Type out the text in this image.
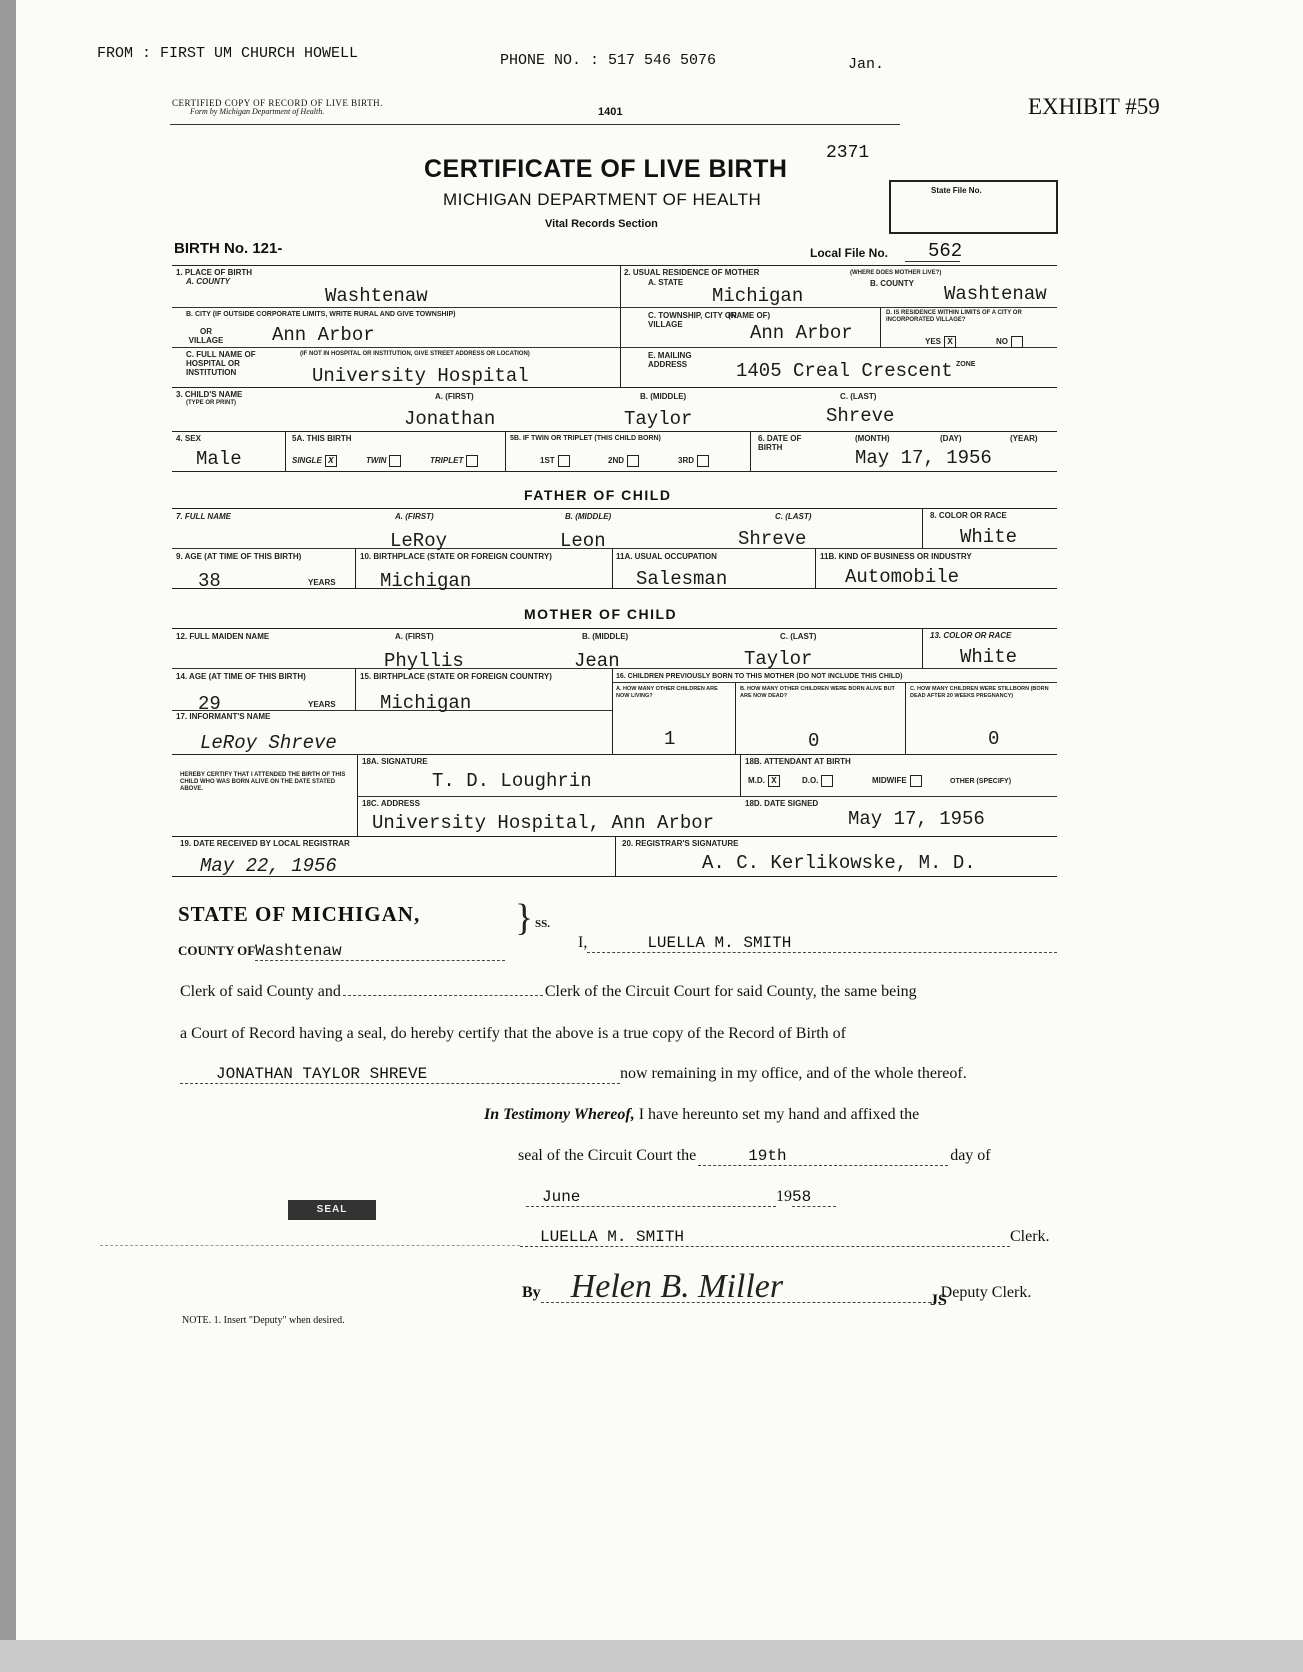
FROM : FIRST UM CHURCH HOWELL	PHONE NO. : 517 546 5076	Jan.
EXHIBIT #59
CERTIFIED COPY OF RECORD OF LIVE BIRTH.
Form by Michigan Department of Health.	1401
2371
CERTIFICATE OF LIVE BIRTH
MICHIGAN DEPARTMENT OF HEALTH
Vital Records Section
State File No.
BIRTH No. 121-	Local File No. 562
1. PLACE OF BIRTH
A. COUNTY
Washtenaw
2. USUAL RESIDENCE OF MOTHER	(WHERE DOES MOTHER LIVE?)
A. STATE	B. COUNTY
Michigan	Washtenaw
B. CITY (IF OUTSIDE CORPORATE LIMITS, WRITE RURAL AND GIVE TOWNSHIP)
OR VILLAGE	Ann Arbor
C. TOWNSHIP, CITY OR VILLAGE
(NAME OF)
Ann Arbor
D. IS RESIDENCE WITHIN LIMITS OF A CITY OR INCORPORATED VILLAGE?
YES X	NO
C. FULL NAME OF HOSPITAL OR INSTITUTION
(IF NOT IN HOSPITAL OR INSTITUTION, GIVE STREET ADDRESS OR LOCATION)
University Hospital
E. MAILING ADDRESS	1405 Creal Crescent ZONE
3. CHILD'S NAME
(TYPE OR PRINT)
A. (FIRST)	B. (MIDDLE)	C. (LAST)
Jonathan	Taylor	Shreve
4. SEX
Male
5A. THIS BIRTH
SINGLE X	TWIN	TRIPLET
5B. IF TWIN OR TRIPLET (THIS CHILD BORN)
1ST	2ND	3RD
6. DATE OF BIRTH
(MONTH)	(DAY)	(YEAR)
May 17, 1956
FATHER OF CHILD
7. FULL NAME	A. (FIRST)	B. (MIDDLE)	C. (LAST)	8. COLOR OR RACE
LeRoy	Leon	Shreve	White
9. AGE (AT TIME OF THIS BIRTH)
38	YEARS
10. BIRTHPLACE (STATE OR FOREIGN COUNTRY)
Michigan
11A. USUAL OCCUPATION
Salesman
11B. KIND OF BUSINESS OR INDUSTRY
Automobile
MOTHER OF CHILD
12. FULL MAIDEN NAME	A. (FIRST)	B. (MIDDLE)	C. (LAST)	13. COLOR OR RACE
Phyllis	Jean	Taylor	White
14. AGE (AT TIME OF THIS BIRTH)
29	YEARS
15. BIRTHPLACE (STATE OR FOREIGN COUNTRY)
Michigan
16. CHILDREN PREVIOUSLY BORN TO THIS MOTHER (DO NOT INCLUDE THIS CHILD)
A. HOW MANY OTHER CHILDREN ARE NOW LIVING?
B. HOW MANY OTHER CHILDREN WERE BORN ALIVE BUT ARE NOW DEAD?
C. HOW MANY CHILDREN WERE STILLBORN (BORN DEAD AFTER 20 WEEKS PREGNANCY)
1	0	0
17. INFORMANT'S NAME
LeRoy Shreve
HEREBY CERTIFY THAT I ATTENDED THE BIRTH OF THIS CHILD WHO WAS BORN ALIVE ON THE DATE STATED ABOVE.
18A. SIGNATURE
T. D. Loughrin
18B. ATTENDANT AT BIRTH
M.D. X	D.O.	MIDWIFE	OTHER (SPECIFY)
18C. ADDRESS
University Hospital, Ann Arbor
18D. DATE SIGNED
May 17, 1956
19. DATE RECEIVED BY LOCAL REGISTRAR
May 22, 1956
20. REGISTRAR'S SIGNATURE
A. C. Kerlikowske, M. D.
STATE OF MICHIGAN, } SS.
COUNTY OFWashtenaw	I,	LUELLA M. SMITH
Clerk of said County and	Clerk of the Circuit Court for said County, the same being
a Court of Record having a seal, do hereby certify that the above is a true copy of the Record of Birth of
JONATHAN TAYLOR SHREVE	now remaining in my office, and of the whole thereof.
In Testimony Whereof, I have hereunto set my hand and affixed the
seal of the Circuit Court the	19th	day of
June	1958
SEAL
LUELLA M. SMITH	Clerk.
By Helen B. Miller	Deputy Clerk.
JS
NOTE. 1. Insert "Deputy" when desired.
